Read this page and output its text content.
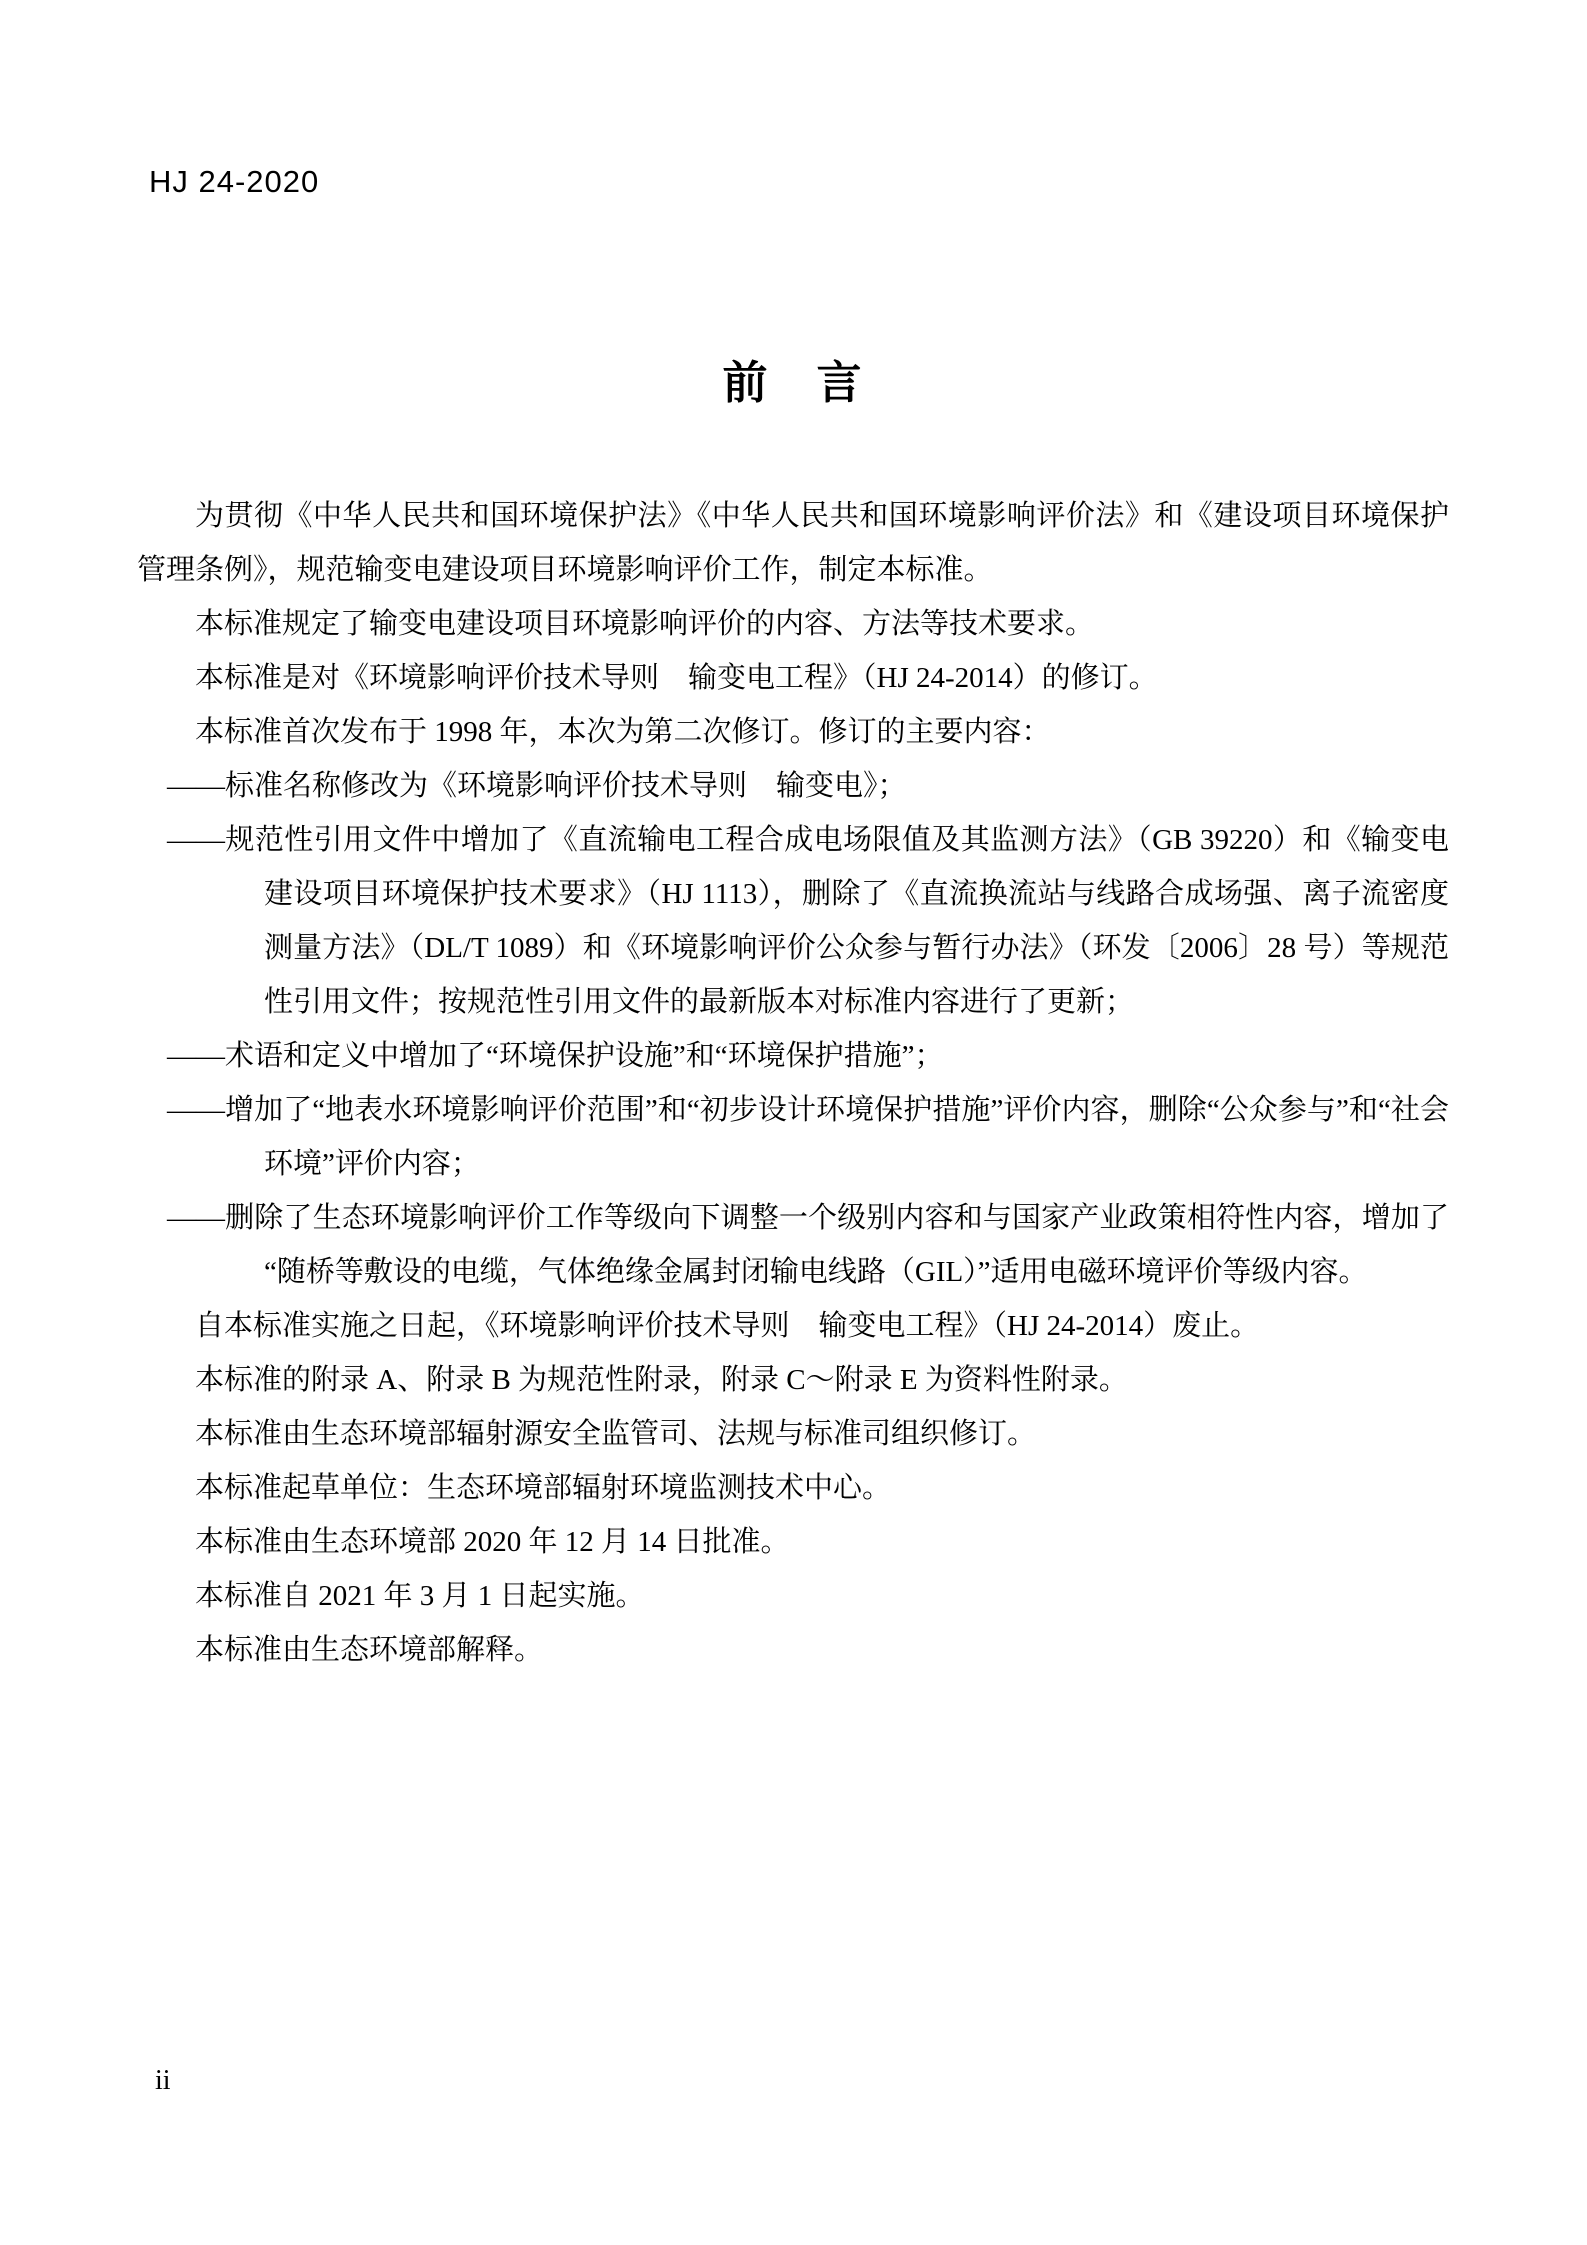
HJ 24-2020
前　言

为贯彻《中华人民共和国环境保护法》《中华人民共和国环境影响评价法》和《建设项目环境保护管理条例》，规范输变电建设项目环境影响评价工作，制定本标准。

本标准规定了输变电建设项目环境影响评价的内容、方法等技术要求。

本标准是对《环境影响评价技术导则　输变电工程》（HJ 24-2014）的修订。

本标准首次发布于 1998 年，本次为第二次修订。修订的主要内容：

——标准名称修改为《环境影响评价技术导则　输变电》；

——规范性引用文件中增加了《直流输电工程合成电场限值及其监测方法》（GB 39220）和《输变电建设项目环境保护技术要求》（HJ 1113），删除了《直流换流站与线路合成场强、离子流密度测量方法》（DL/T 1089）和《环境影响评价公众参与暂行办法》（环发〔2006〕28 号）等规范性引用文件；按规范性引用文件的最新版本对标准内容进行了更新；

——术语和定义中增加了“环境保护设施”和“环境保护措施”；

——增加了“地表水环境影响评价范围”和“初步设计环境保护措施”评价内容，删除“公众参与”和“社会环境”评价内容；

——删除了生态环境影响评价工作等级向下调整一个级别内容和与国家产业政策相符性内容，增加了“随桥等敷设的电缆，气体绝缘金属封闭输电线路（GIL）”适用电磁环境评价等级内容。

自本标准实施之日起，《环境影响评价技术导则　输变电工程》（HJ 24-2014）废止。

本标准的附录 A、附录 B 为规范性附录，附录 C～附录 E 为资料性附录。

本标准由生态环境部辐射源安全监管司、法规与标准司组织修订。

本标准起草单位：生态环境部辐射环境监测技术中心。

本标准由生态环境部 2020 年 12 月 14 日批准。

本标准自 2021 年 3 月 1 日起实施。

本标准由生态环境部解释。

ii
